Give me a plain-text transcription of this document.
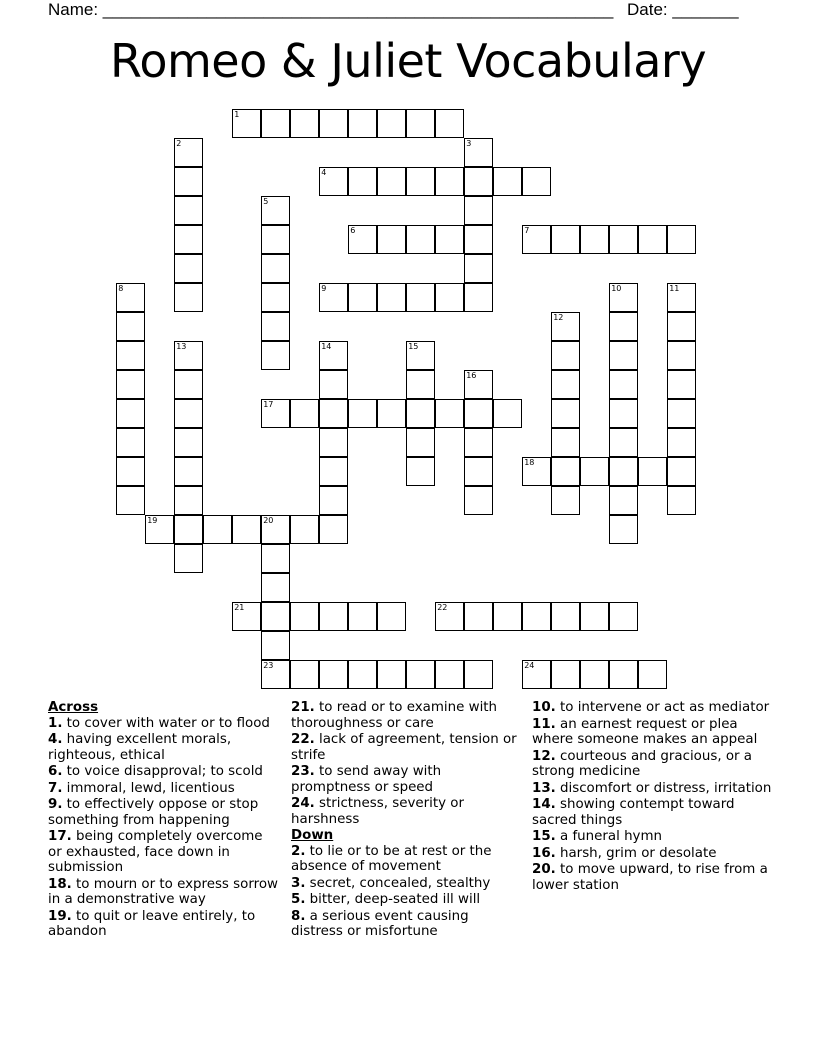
Name: ______________________________________________________ Date: _______
Romeo & Juliet Vocabulary
1
2	3
4
5
6	7
8	9	10	11
12
13	14	15
16
17
18
19	20
23
21	22
24
Across
1. to cover with water or to flood
4. having excellent morals, righteous, ethical
6. to voice disapproval; to scold
7. immoral, lewd, licentious
9. to effectively oppose or stop something from happening
17. being completely overcome or exhausted, face down in submission
18. to mourn or to express sorrow in a demonstrative way
19. to quit or leave entirely, to abandon
21. to read or to examine with thoroughness or care
22. lack of agreement, tension or strife
23. to send away with promptness or speed
24. strictness, severity or harshness
Down
2. to lie or to be at rest or the absence of movement
3. secret, concealed, stealthy
5. bitter, deep-seated ill will
8. a serious event causing distress or misfortune
10. to intervene or act as mediator
11. an earnest request or plea where someone makes an appeal
12. courteous and gracious, or a strong medicine
13. discomfort or distress, irritation
14. showing contempt toward sacred things
15. a funeral hymn
16. harsh, grim or desolate
20. to move upward, to rise from a lower station
